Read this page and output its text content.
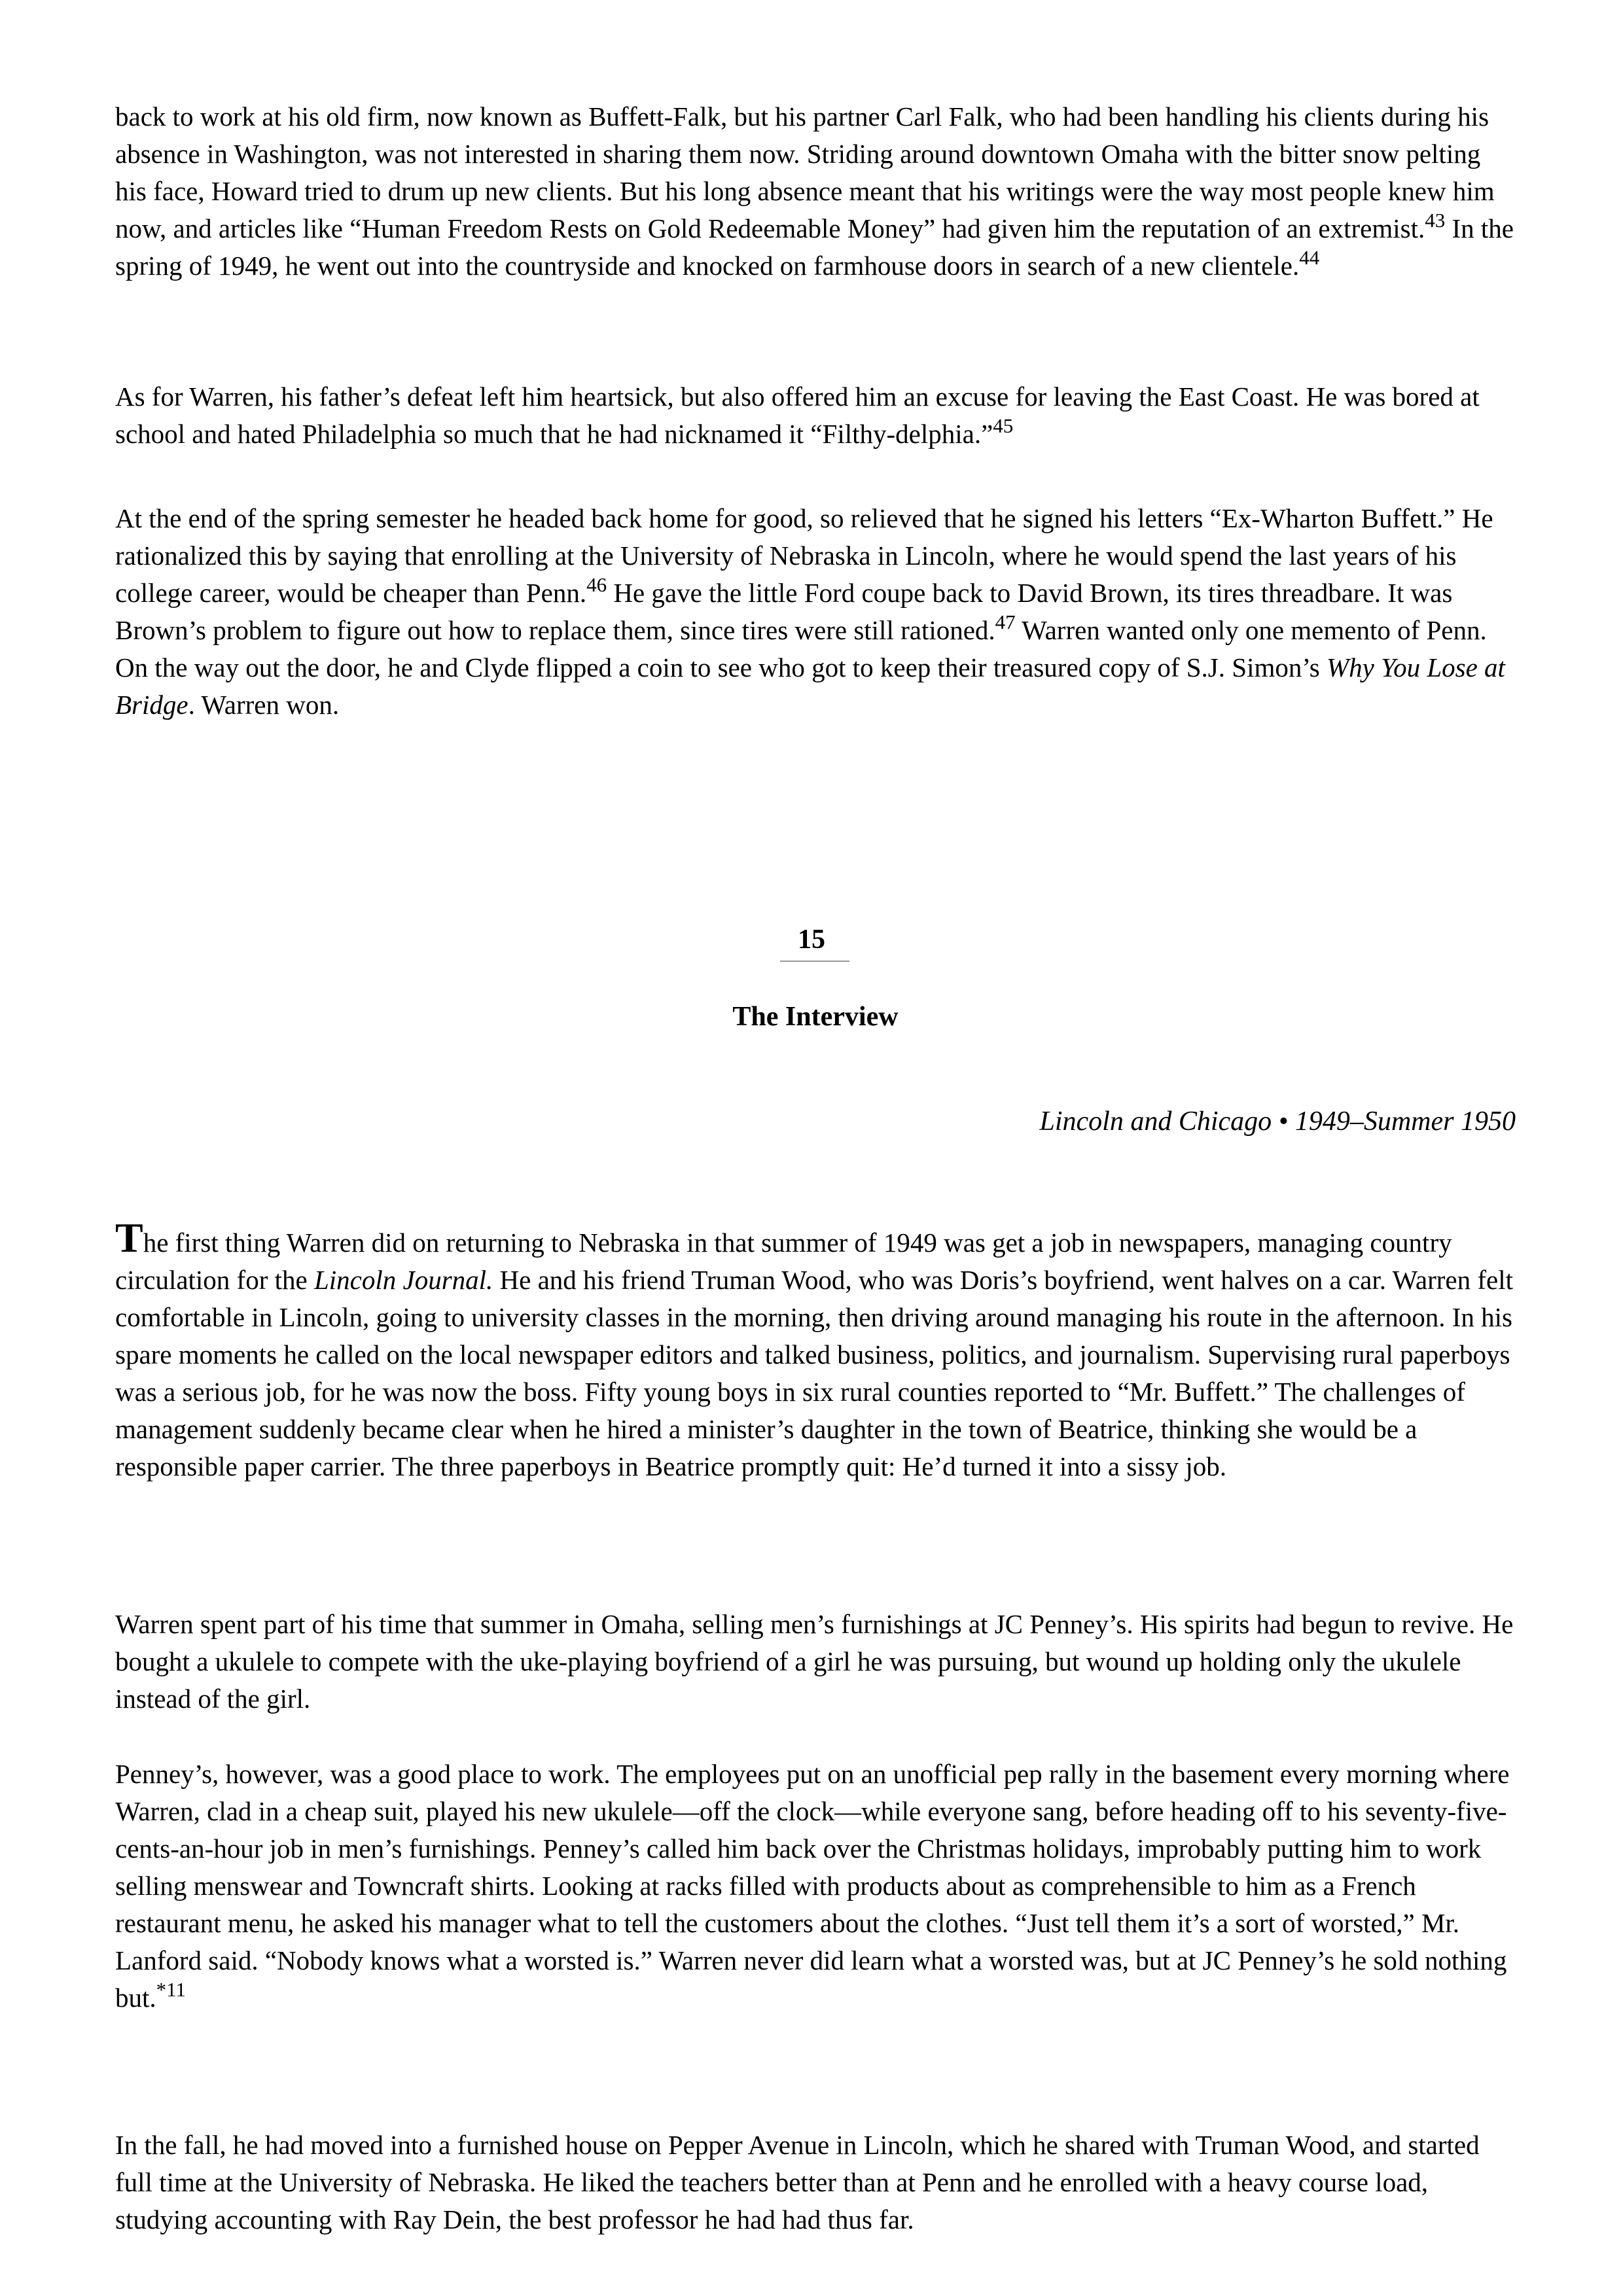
back to work at his old firm, now known as Buffett-Falk, but his partner Carl Falk, who had been handling his clients during his absence in Washington, was not interested in sharing them now. Striding around downtown Omaha with the bitter snow pelting his face, Howard tried to drum up new clients. But his long absence meant that his writings were the way most people knew him now, and articles like “Human Freedom Rests on Gold Redeemable Money” had given him the reputation of an extremist.$^{43}$ In the spring of 1949, he went out into the countryside and knocked on farmhouse doors in search of a new clientele.$^{44}$

As for Warren, his father’s defeat left him heartsick, but also offered him an excuse for leaving the East Coast. He was bored at school and hated Philadelphia so much that he had nicknamed it “Filthy-delphia.”$^{45}$

At the end of the spring semester he headed back home for good, so relieved that he signed his letters “Ex-Wharton Buffett.” He rationalized this by saying that enrolling at the University of Nebraska in Lincoln, where he would spend the last years of his college career, would be cheaper than Penn.$^{46}$ He gave the little Ford coupe back to David Brown, its tires threadbare. It was Brown’s problem to figure out how to replace them, since tires were still rationed.$^{47}$ Warren wanted only one memento of Penn. On the way out the door, he and Clyde flipped a coin to see who got to keep their treasured copy of S.J. Simon’s Why You Lose at Bridge. Warren won.

15
The Interview
Lincoln and Chicago • 1949–Summer 1950

The first thing Warren did on returning to Nebraska in that summer of 1949 was get a job in newspapers, managing country circulation for the Lincoln Journal. He and his friend Truman Wood, who was Doris’s boyfriend, went halves on a car. Warren felt comfortable in Lincoln, going to university classes in the morning, then driving around managing his route in the afternoon. In his spare moments he called on the local newspaper editors and talked business, politics, and journalism. Supervising rural paperboys was a serious job, for he was now the boss. Fifty young boys in six rural counties reported to “Mr. Buffett.” The challenges of management suddenly became clear when he hired a minister’s daughter in the town of Beatrice, thinking she would be a responsible paper carrier. The three paperboys in Beatrice promptly quit: He’d turned it into a sissy job.

Warren spent part of his time that summer in Omaha, selling men’s furnishings at JC Penney’s. His spirits had begun to revive. He bought a ukulele to compete with the uke-playing boyfriend of a girl he was pursuing, but wound up holding only the ukulele instead of the girl.

Penney’s, however, was a good place to work. The employees put on an unofficial pep rally in the basement every morning where Warren, clad in a cheap suit, played his new ukulele—off the clock—while everyone sang, before heading off to his seventy-five-cents-an-hour job in men’s furnishings. Penney’s called him back over the Christmas holidays, improbably putting him to work selling menswear and Towncraft shirts. Looking at racks filled with products about as comprehensible to him as a French restaurant menu, he asked his manager what to tell the customers about the clothes. “Just tell them it’s a sort of worsted,” Mr. Lanford said. “Nobody knows what a worsted is.” Warren never did learn what a worsted was, but at JC Penney’s he sold nothing but.$^{*11}$

In the fall, he had moved into a furnished house on Pepper Avenue in Lincoln, which he shared with Truman Wood, and started full time at the University of Nebraska. He liked the teachers better than at Penn and he enrolled with a heavy course load, studying accounting with Ray Dein, the best professor he had had thus far.
